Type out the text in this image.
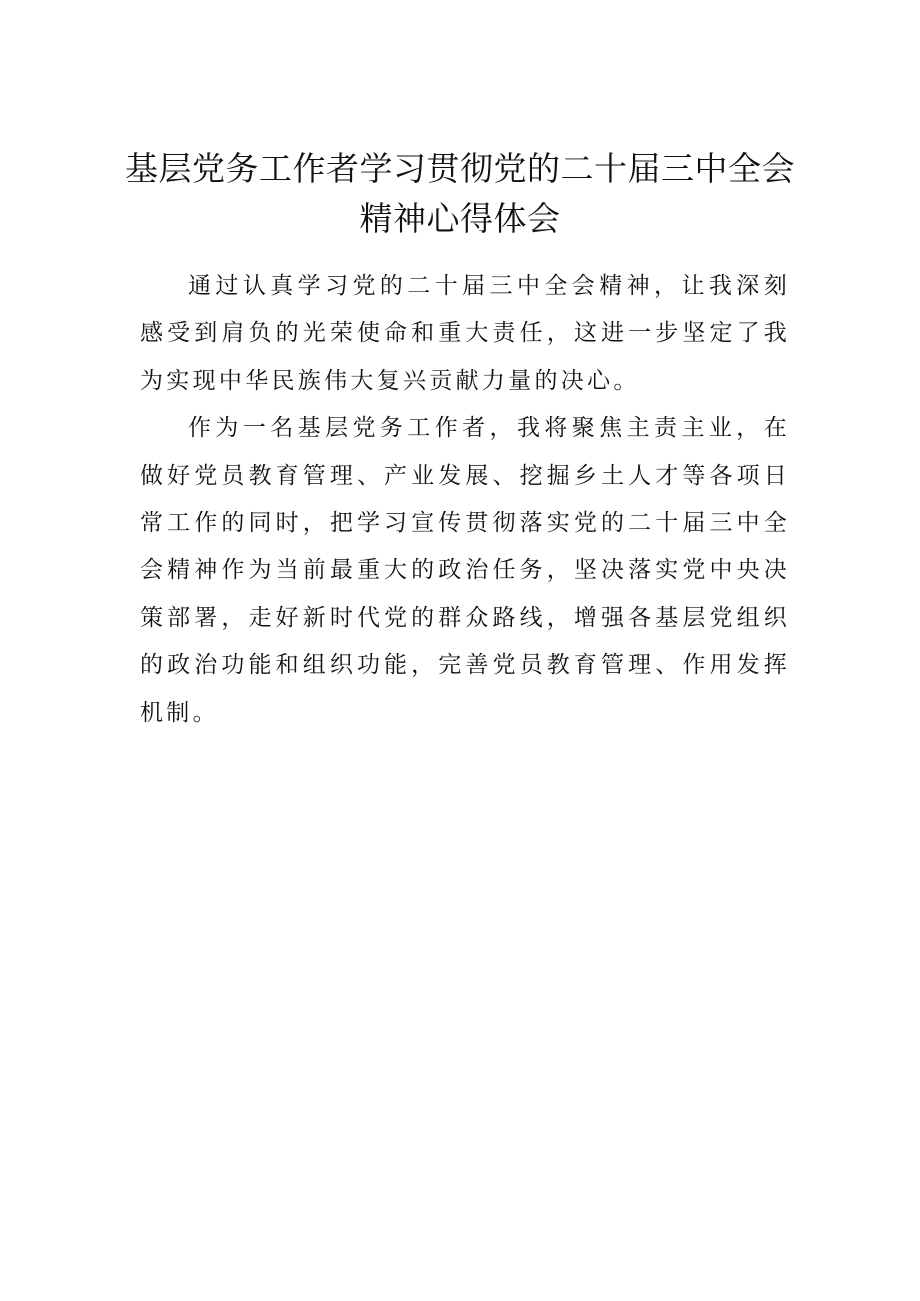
基层党务工作者学习贯彻党的二十届三中全会
精神心得体会

通过认真学习党的二十届三中全会精神，让我深刻感受到肩负的光荣使命和重大责任，这进一步坚定了我为实现中华民族伟大复兴贡献力量的决心。

作为一名基层党务工作者，我将聚焦主责主业，在做好党员教育管理、产业发展、挖掘乡土人才等各项日常工作的同时，把学习宣传贯彻落实党的二十届三中全会精神作为当前最重大的政治任务，坚决落实党中央决策部署，走好新时代党的群众路线，增强各基层党组织的政治功能和组织功能，完善党员教育管理、作用发挥机制。
